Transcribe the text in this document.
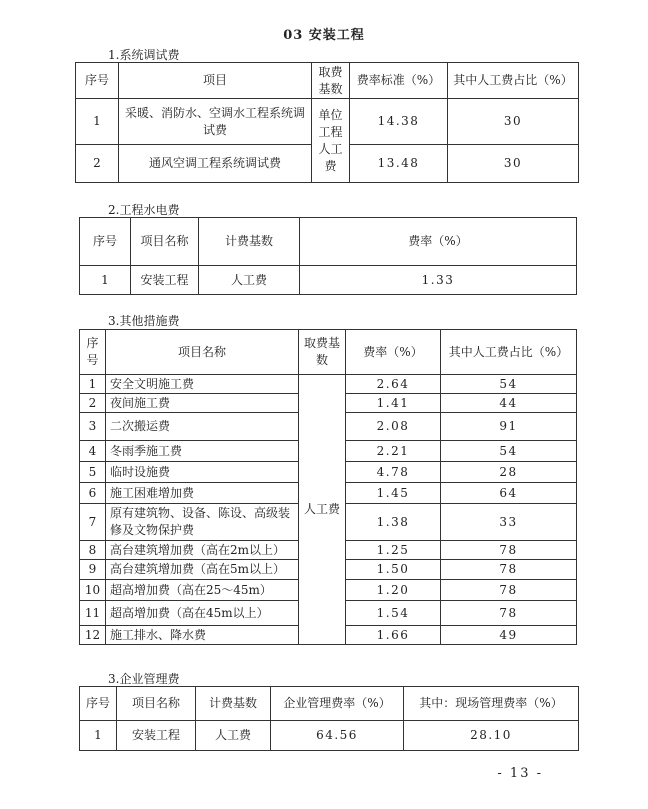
03 安装工程
1.系统调试费
序号	项目	取费基数	费率标准（%）	其中人工费占比（%）
1	采暖、消防水、空调水工程系统调试费	单位工程人工费	14.38	30
2	通风空调工程系统调试费		13.48	30
2.工程水电费
序号	项目名称	计费基数	费率（%）
1	安装工程	人工费	1.33
3.其他措施费
序号	项目名称	取费基数	费率（%）	其中人工费占比（%）
1	安全文明施工费	人工费	2.64	54
2	夜间施工费		1.41	44
3	二次搬运费		2.08	91
4	冬雨季施工费		2.21	54
5	临时设施费		4.78	28
6	施工困难增加费		1.45	64
7	原有建筑物、设备、陈设、高级装修及文物保护费		1.38	33
8	高台建筑增加费（高在2m以上）		1.25	78
9	高台建筑增加费（高在5m以上）		1.50	78
10	超高增加费（高在25～45m）		1.20	78
11	超高增加费（高在45m以上）		1.54	78
12	施工排水、降水费		1.66	49
3.企业管理费
序号	项目名称	计费基数	企业管理费率（%）	其中：现场管理费率（%）
1	安装工程	人工费	64.56	28.10
- 13 -
